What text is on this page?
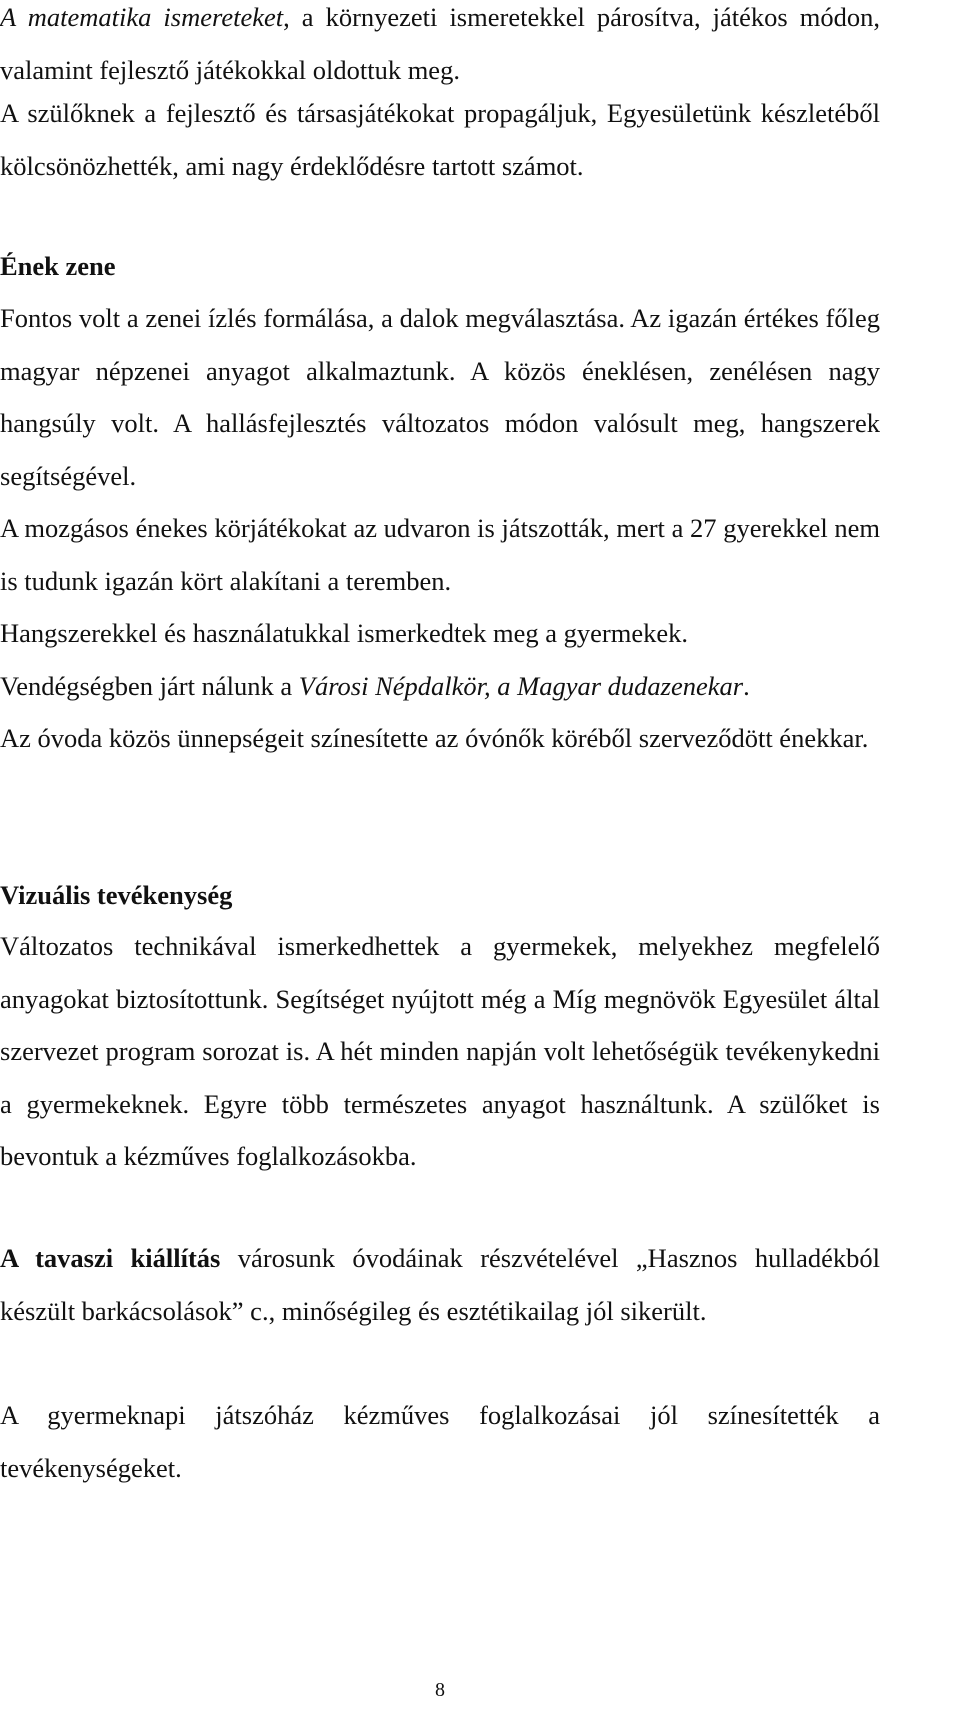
A matematika ismereteket, a környezeti ismeretekkel párosítva, játékos módon, valamint fejlesztő játékokkal oldottuk meg.

A szülőknek a fejlesztő és társasjátékokat propagáljuk, Egyesületünk készletéből kölcsönözhették, ami nagy érdeklődésre tartott számot.

Ének zene

Fontos volt a zenei ízlés formálása, a dalok megválasztása. Az igazán értékes főleg magyar népzenei anyagot alkalmaztunk. A közös éneklésen, zenélésen nagy hangsúly volt. A hallásfejlesztés változatos módon valósult meg, hangszerek segítségével.

A mozgásos énekes körjátékokat az udvaron is játszották, mert a 27 gyerekkel nem is tudunk igazán kört alakítani a teremben.

Hangszerekkel és használatukkal ismerkedtek meg a gyermekek.

Vendégségben járt nálunk a Városi Népdalkör, a Magyar dudazenekar.

Az óvoda közös ünnepségeit színesítette az óvónők köréből szerveződött énekkar.

Vizuális tevékenység

Változatos technikával ismerkedhettek a gyermekek, melyekhez megfelelő anyagokat biztosítottunk. Segítséget nyújtott még a Míg megnövök Egyesület által szervezet program sorozat is. A hét minden napján volt lehetőségük tevékenykedni a gyermekeknek. Egyre több természetes anyagot használtunk. A szülőket is bevontuk a kézműves foglalkozásokba.

A tavaszi kiállítás városunk óvodáinak részvételével „Hasznos hulladékból készült barkácsolások” c., minőségileg és esztétikailag jól sikerült.

A gyermeknapi játszóház kézműves foglalkozásai jól színesítették a tevékenységeket.

8
